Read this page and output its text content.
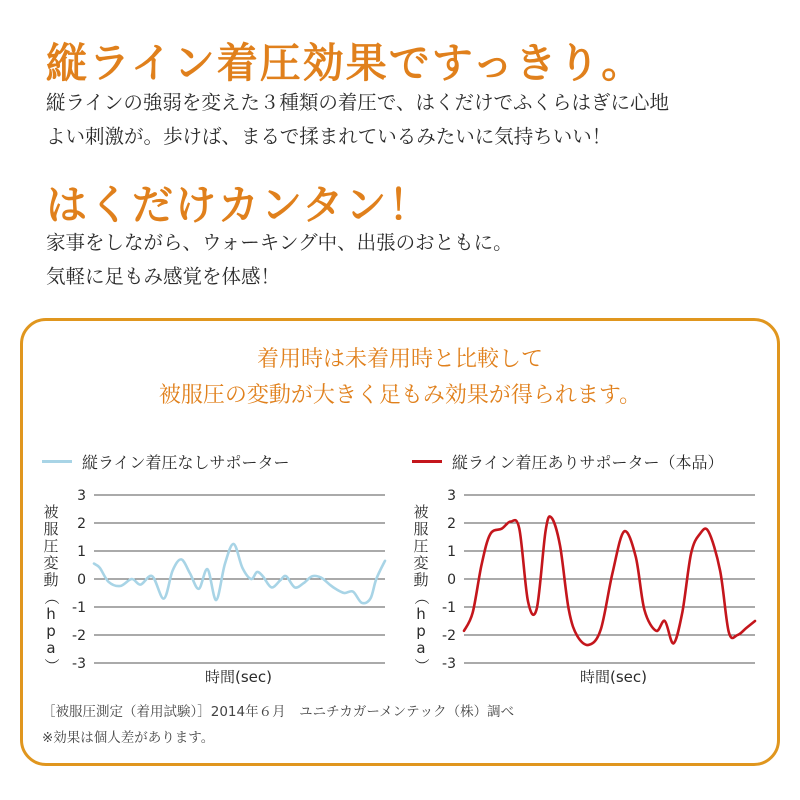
縦ライン着圧効果ですっきり。
縦ラインの強弱を変えた３種類の着圧で、はくだけでふくらはぎに心地
よい刺激が。歩けば、まるで揉まれているみたいに気持ちいい！
はくだけカンタン！
家事をしながら、ウォーキング中、出張のおともに。
気軽に足もみ感覚を体感！
着用時は未着用時と比較して
被服圧の変動が大きく足もみ効果が得られます。
縦ライン着圧なしサポーター
被
服
圧
変
動
（
h
p
a
）
3
2
1
0
-1
-2
-3
時間(sec)
縦ライン着圧ありサポーター（本品）
被
服
圧
変
動
（
h
p
a
）
3
2
1
0
-1
-2
-3
時間(sec)
［被服圧測定（着用試験）］2014年６月　ユニチカガーメンテック（株）調べ
※効果は個人差があります。
